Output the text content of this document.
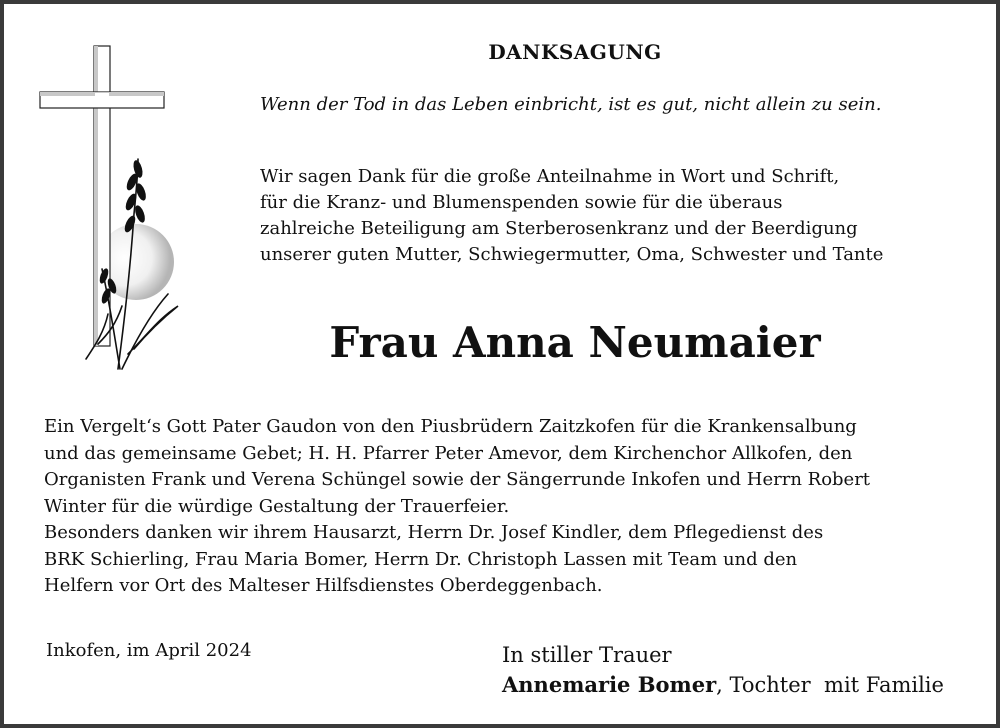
DANKSAGUNG
Wenn der Tod in das Leben einbricht, ist es gut, nicht allein zu sein.
Wir sagen Dank für die große Anteilnahme in Wort und Schrift,
für die Kranz- und Blumenspenden sowie für die überaus
zahlreiche Beteiligung am Sterberosenkranz und der Beerdigung
unserer guten Mutter, Schwiegermutter, Oma, Schwester und Tante
Frau Anna Neumaier
Ein Vergelt‘s Gott Pater Gaudon von den Piusbrüdern Zaitzkofen für die Krankensalbung
und das gemeinsame Gebet; H. H. Pfarrer Peter Amevor, dem Kirchenchor Allkofen, den
Organisten Frank und Verena Schüngel sowie der Sängerrunde Inkofen und Herrn Robert
Winter für die würdige Gestaltung der Trauerfeier.
Besonders danken wir ihrem Hausarzt, Herrn Dr. Josef Kindler, dem Pflegedienst des
BRK Schierling, Frau Maria Bomer, Herrn Dr. Christoph Lassen mit Team und den
Helfern vor Ort des Malteser Hilfsdienstes Oberdeggenbach.
Inkofen, im April 2024	In stiller Trauer
Annemarie Bomer, Tochter  mit Familie
